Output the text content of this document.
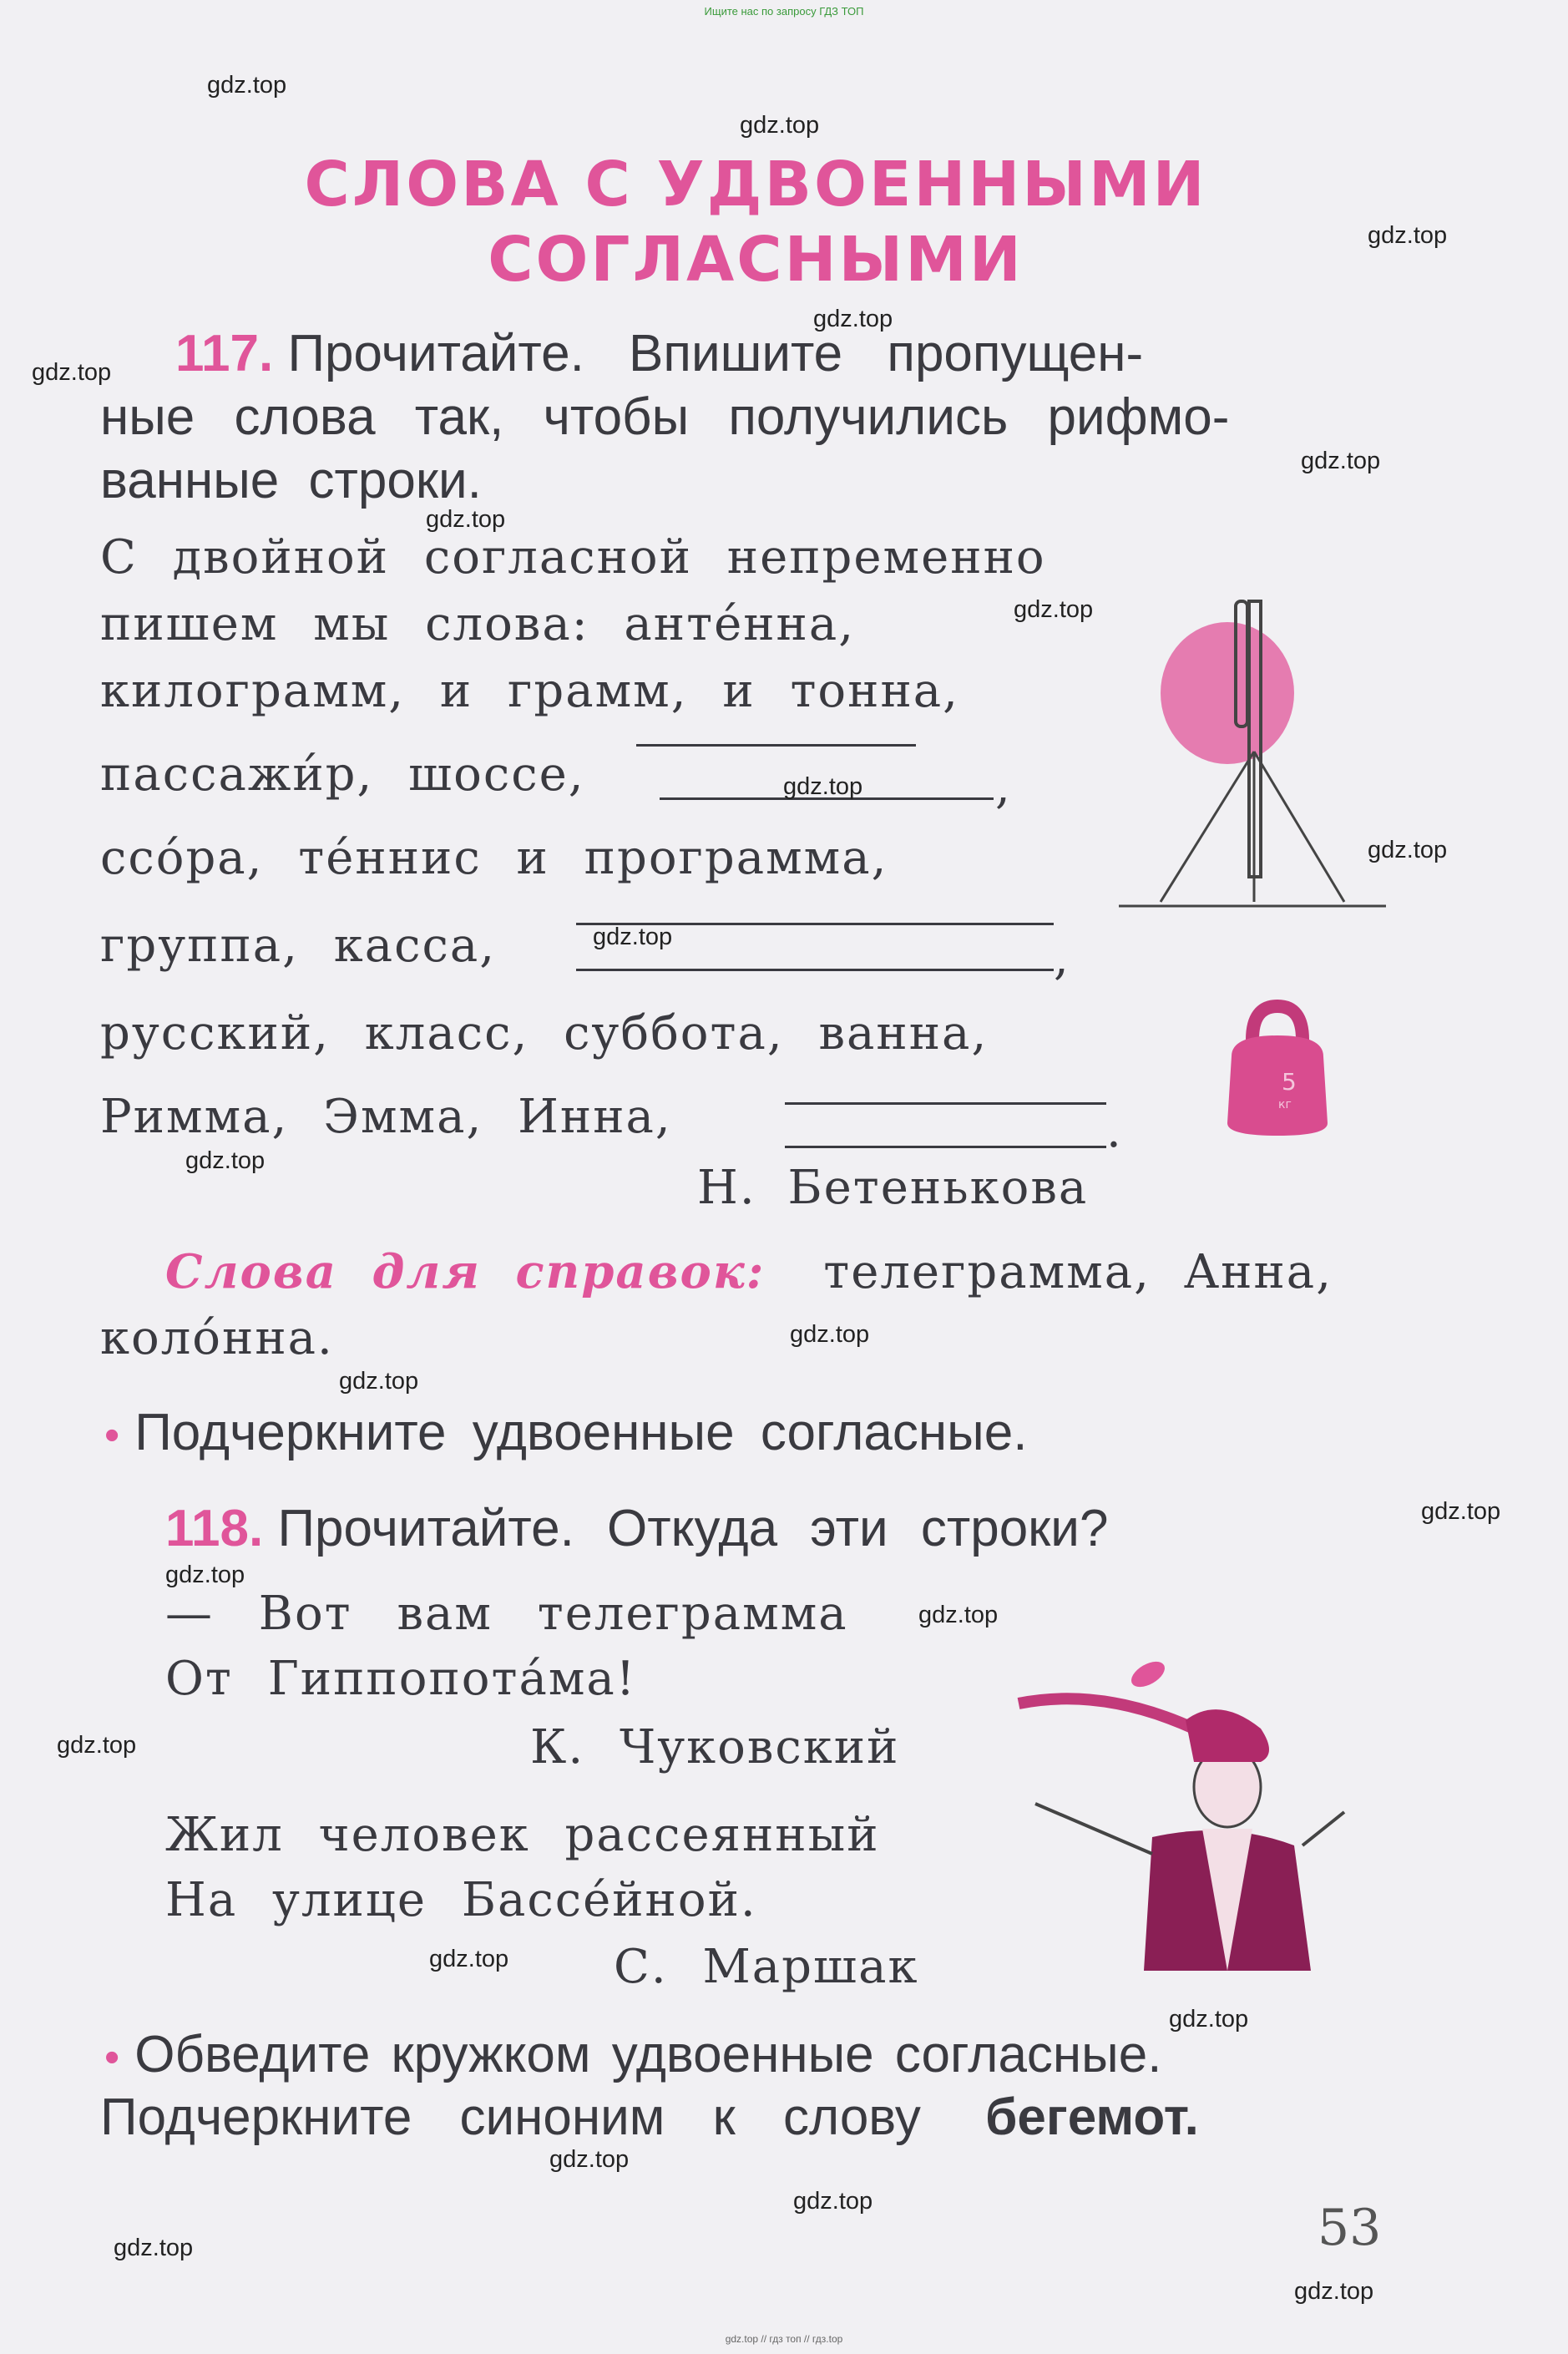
Ищите нас по запросу ГДЗ ТОП
СЛОВА С УДВОЕННЫМИ
СОГЛАСНЫМИ
117. Прочитайте. Впишите пропущен-
ные слова так, чтобы получились рифмо-
ванные строки.
С двойной согласной непременно
пишем мы слова: анте́нна,
килограмм, и грамм, и тонна,
пассажи́р, шоссе,	,
ссо́ра, те́ннис и программа,
группа, касса,	,
русский, класс, суббота, ванна,
Римма, Эмма, Инна,	.
Н. Бетенькова
Слова для справок: телеграмма, Анна,
коло́нна.
• Подчеркните удвоенные согласные.
118. Прочитайте. Откуда эти строки?
— Вот вам телеграмма
От Гиппопота́ма!
К. Чуковский
Жил человек рассеянный
На улице Бассе́йной.
С. Маршак
• Обведите кружком удвоенные согласные.
Подчеркните синоним к слову бегемот.
53
5
кг
gdz.top
gdz.top
gdz.top
gdz.top
gdz.top
gdz.top
gdz.top
gdz.top
gdz.top
gdz.top
gdz.top
gdz.top
gdz.top
gdz.top
gdz.top
gdz.top
gdz.top
gdz.top
gdz.top
gdz.top
gdz.top
gdz.top
gdz.top
gdz.top
gdz.top // гдз топ // гдз.top
